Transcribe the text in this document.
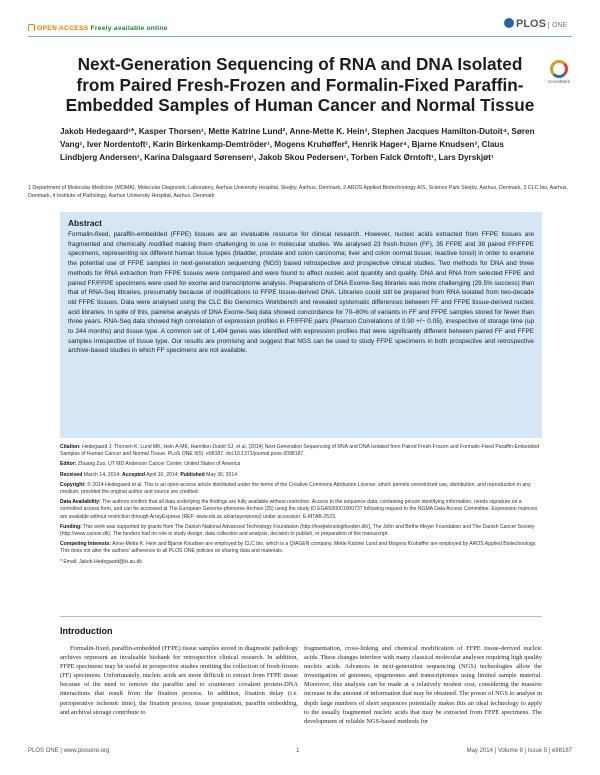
OPEN ACCESS Freely available online	PLOS ONE
Next-Generation Sequencing of RNA and DNA Isolated from Paired Fresh-Frozen and Formalin-Fixed Paraffin-Embedded Samples of Human Cancer and Normal Tissue
CrossMark
Jakob Hedegaard¹*, Kasper Thorsen¹, Mette Katrine Lund², Anne-Mette K. Hein³, Stephen Jacques Hamilton-Dutoit⁴, Søren Vang¹, Iver Nordentoft¹, Karin Birkenkamp-Demtröder¹, Mogens Kruhøffer², Henrik Hager⁴, Bjarne Knudsen³, Claus Lindbjerg Andersen¹, Karina Dalsgaard Sørensen¹, Jakob Skou Pedersen¹, Torben Falck Ørntoft¹, Lars Dyrskjøt¹
1 Department of Molecular Medicine (MOMA), Molecular Diagnostic Laboratory, Aarhus University Hospital, Skejby, Aarhus, Denmark, 2 AROS Applied Biotechnology A/S, Science Park Skejby, Aarhus, Denmark, 3 CLC bio, Aarhus, Denmark, 4 Institute of Pathology, Aarhus University Hospital, Aarhus, Denmark
Abstract

Formalin-fixed, paraffin-embedded (FFPE) tissues are an invaluable resource for clinical research. However, nucleic acids extracted from FFPE tissues are fragmented and chemically modified making them challenging to use in molecular studies. We analysed 23 fresh-frozen (FF), 35 FFPE and 38 paired FF/FFPE specimens, representing six different human tissue types (bladder, prostate and colon carcinoma; liver and colon normal tissue; reactive tonsil) in order to examine the potential use of FFPE samples in next-generation sequencing (NGS) based retrospective and prospective clinical studies. Two methods for DNA and three methods for RNA extraction from FFPE tissues were compared and were found to affect nucleic acid quantity and quality. DNA and RNA from selected FFPE and paired FF/FFPE specimens were used for exome and transcriptome analysis. Preparations of DNA Exome-Seq libraries was more challenging (29.5% success) than that of RNA-Seq libraries, presumably because of modifications to FFPE tissue-derived DNA. Libraries could still be prepared from RNA isolated from two-decade old FFPE tissues. Data were analysed using the CLC Bio Genomics Workbench and revealed systematic differences between FF and FFPE tissue-derived nucleic acid libraries. In spite of this, pairwise analysis of DNA Exome-Seq data showed concordance for 70–80% of variants in FF and FFPE samples stored for fewer than three years. RNA-Seq data showed high correlation of expression profiles in FF/FFPE pairs (Pearson Correlations of 0.90 +/− 0.05), irrespective of storage time (up to 244 months) and tissue type. A common set of 1,494 genes was identified with expression profiles that were significantly different between paired FF and FFPE samples irrespective of tissue type. Our results are promising and suggest that NGS can be used to study FFPE specimens in both prospective and retrospective archive-based studies in which FF specimens are not available.

Citation: Hedegaard J, Thorsen K, Lund MK, Hein A-MK, Hamilton-Dutoit SJ, et al. (2014) Next-Generation Sequencing of RNA and DNA Isolated from Paired Fresh-Frozen and Formalin-Fixed Paraffin-Embedded Samples of Human Cancer and Normal Tissue. PLoS ONE 9(5): e98187. doi:10.1371/journal.pone.0098187

Editor: Zhuang Zuo, UT MD Anderson Cancer Center, United States of America

Received March 14, 2014; Accepted April 10, 2014; Published May 30, 2014

Copyright: © 2014 Hedegaard et al. This is an open-access article distributed under the terms of the Creative Commons Attribution License, which permits unrestricted use, distribution, and reproduction in any medium, provided the original author and source are credited.

Data Availability: The authors confirm that all data underlying the findings are fully available without restriction. Access to the sequence data, containing person identifying information, needs signature on a controlled access form, and can be accessed at The European Genome-phenome Archive (25) using the study ID EGAS00001000737 following request to the NGMA Data Access Committee. Expression matrices are available without restriction through ArrayExpress (REF: www.ebi.ac.uk/arrayexpress) under accession: E-MTAB-2523.

Funding: This work was supported by grants from The Danish National Advanced Technology Foundation (http://hoejteknologifonden.dk/), The John and Birthe Meyer Foundation and The Danish Cancer Society (http://www.cancer.dk). The funders had no role in study design, data collection and analysis, decision to publish, or preparation of the manuscript.

Competing Interests: Anne-Mette K. Hein and Bjarne Knudsen are employed by CLC bio, which is a QIAGEN company. Mette Katrine Lund and Mogens Kruhøffer are employed by AROS Applied Biotechnology. This does not alter the authors' adherence to all PLOS ONE policies on sharing data and materials.

* Email: Jakob.Hedegaard@ki.au.dk

Introduction
Formalin-fixed, paraffin-embedded (FFPE) tissue samples stored in diagnostic pathology archives represent an invaluable biobank for retrospective clinical research. In addition, FFPE specimens may be useful in prospective studies omitting the collection of fresh-frozen (FF) specimens. Unfortunately, nucleic acids are more difficult to extract from FFPE tissue because of the need to remove the paraffin and to counteract covalent protein-DNA interactions that result from the fixation process. In addition, fixation delay (i.e. perioperative ischemic time), the fixation process, tissue preparation, paraffin embedding, and archival storage contribute to
fragmentation, cross-linking and chemical modification of FFPE tissue-derived nucleic acids. These changes interfere with many classical molecular analyses requiring high quality nucleic acids. Advances in next-generation sequencing (NGS) technologies allow the investigation of genomes, epigenomes and transcriptomes using limited sample material. Moreover, this analysis can be made at a relatively modest cost, considering the massive increase in the amount of information that may be obtained. The power of NGS to analyse in depth large numbers of short sequences potentially makes this an ideal technology to apply to the usually fragmented nucleic acids that may be extracted from FFPE specimens. The development of reliable NGS-based methods for
PLOS ONE | www.plosone.org	1	May 2014 | Volume 9 | Issue 5 | e98187
